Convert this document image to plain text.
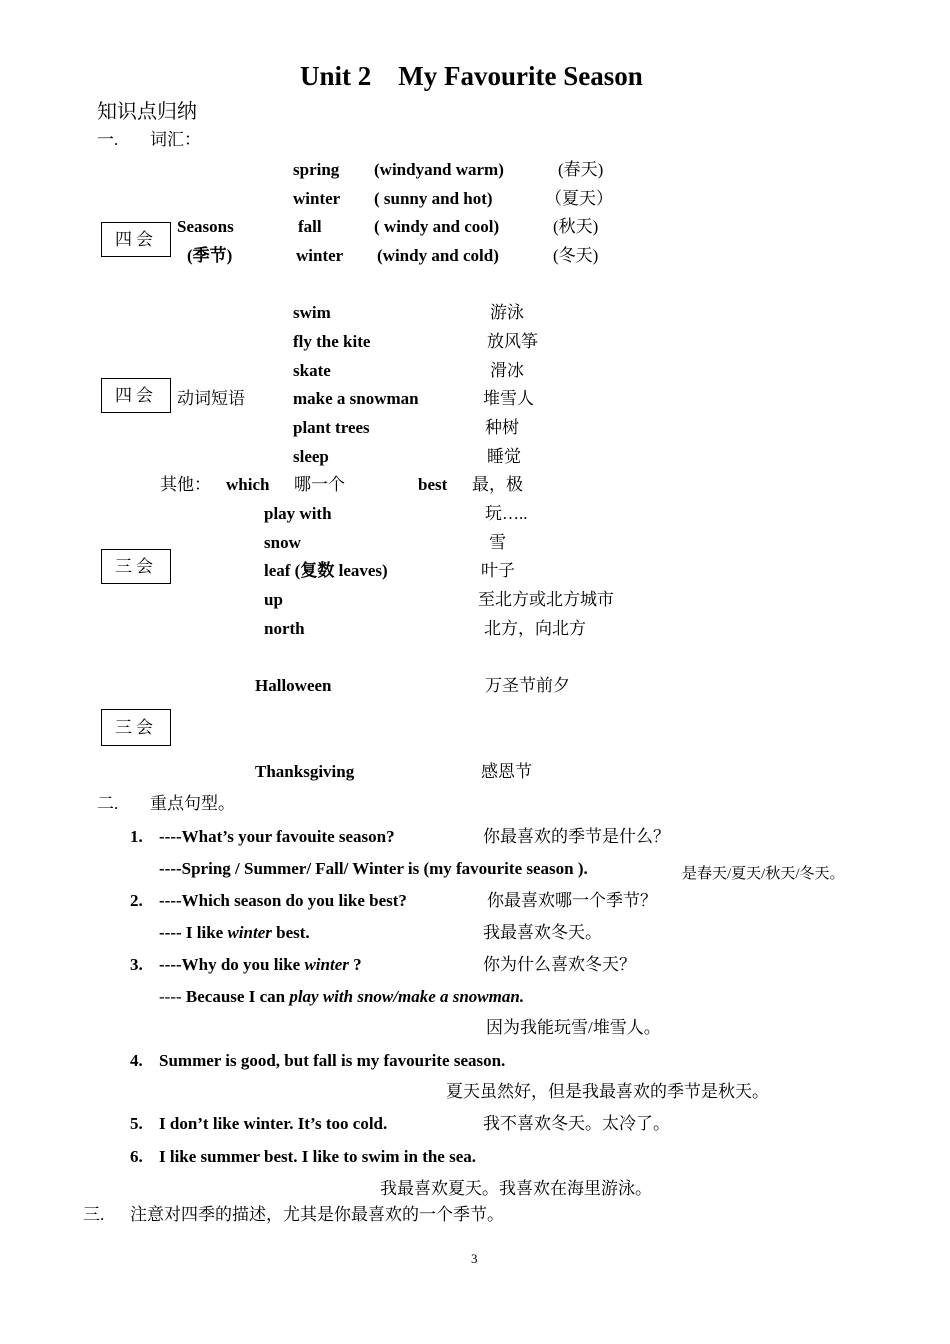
Unit 2　My Favourite Season
知识点归纳
一. 词汇：
四会
Seasons
(季节)
spring (windyand warm)	(春天)
winter ( sunny and hot)	（夏天）
fall	( windy and cool)	(秋天)
winter (windy and cold)	(冬天)
四会	动词短语
swim	游泳
fly the kite	放风筝
skate	滑冰
make a snowman	堆雪人
plant trees	种树
sleep	睡觉
其他： which 哪一个	best 最，极
三会
play with	玩…..
snow	雪
leaf (复数 leaves)	叶子
up	至北方或北方城市
north	北方，向北方
Halloween	万圣节前夕
三会
Thanksgiving	感恩节
二. 重点句型。
1. ----What’s your favouite season?	你最喜欢的季节是什么？
----Spring / Summer/ Fall/ Winter is (my favourite season ).	是春天/夏天/秋天/冬天。
2. ----Which season do you like best?	你最喜欢哪一个季节？
---- I like winter best.	我最喜欢冬天。
3. ----Why do you like winter ?	你为什么喜欢冬天？
---- Because I can play with snow/make a snowman.
因为我能玩雪/堆雪人。
4. Summer is good, but fall is my favourite season.
夏天虽然好，但是我最喜欢的季节是秋天。
5. I don’t like winter. It’s too cold.	我不喜欢冬天。太冷了。
6. I like summer best. I like to swim in the sea.
我最喜欢夏天。我喜欢在海里游泳。
三. 注意对四季的描述，尤其是你最喜欢的一个季节。
3
